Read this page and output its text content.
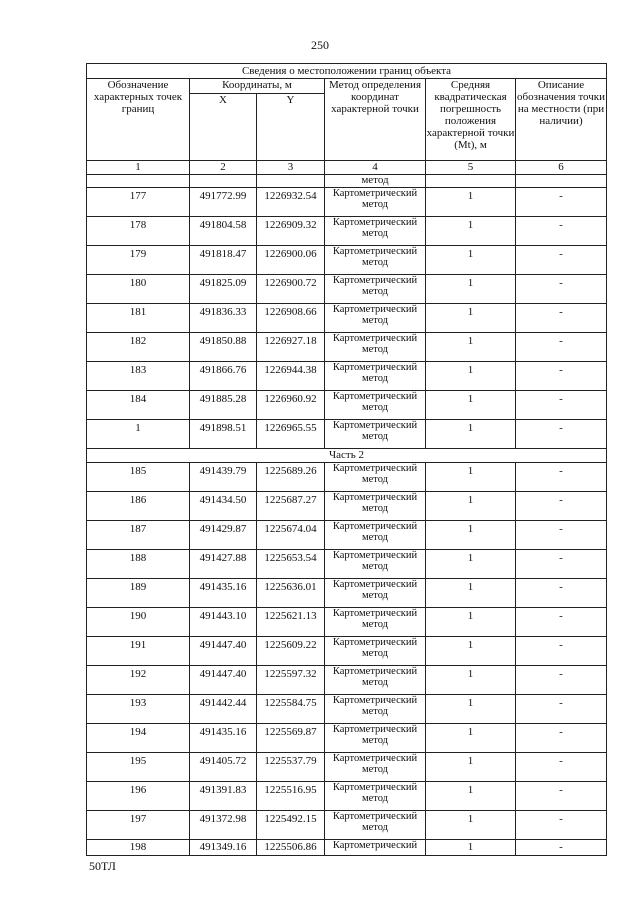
250
Сведения о местоположении границ объекта					
Обозначение характерных точек границ	Координаты, м		Метод определения координат характерной точки	Средняя квадратическая погрешность положения характерной точки (Mt), м	Описание обозначения точки на местности (при наличии)
	X	Y			
1	2	3	4	5	6
			метод		
177	491772.99	1226932.54	Картометрический метод	1	-
178	491804.58	1226909.32	Картометрический метод	1	-
179	491818.47	1226900.06	Картометрический метод	1	-
180	491825.09	1226900.72	Картометрический метод	1	-
181	491836.33	1226908.66	Картометрический метод	1	-
182	491850.88	1226927.18	Картометрический метод	1	-
183	491866.76	1226944.38	Картометрический метод	1	-
184	491885.28	1226960.92	Картометрический метод	1	-
1	491898.51	1226965.55	Картометрический метод	1	-
Часть 2					
185	491439.79	1225689.26	Картометрический метод	1	-
186	491434.50	1225687.27	Картометрический метод	1	-
187	491429.87	1225674.04	Картометрический метод	1	-
188	491427.88	1225653.54	Картометрический метод	1	-
189	491435.16	1225636.01	Картометрический метод	1	-
190	491443.10	1225621.13	Картометрический метод	1	-
191	491447.40	1225609.22	Картометрический метод	1	-
192	491447.40	1225597.32	Картометрический метод	1	-
193	491442.44	1225584.75	Картометрический метод	1	-
194	491435.16	1225569.87	Картометрический метод	1	-
195	491405.72	1225537.79	Картометрический метод	1	-
196	491391.83	1225516.95	Картометрический метод	1	-
197	491372.98	1225492.15	Картометрический метод	1	-
198	491349.16	1225506.86	Картометрический	1	-
50ТЛ
